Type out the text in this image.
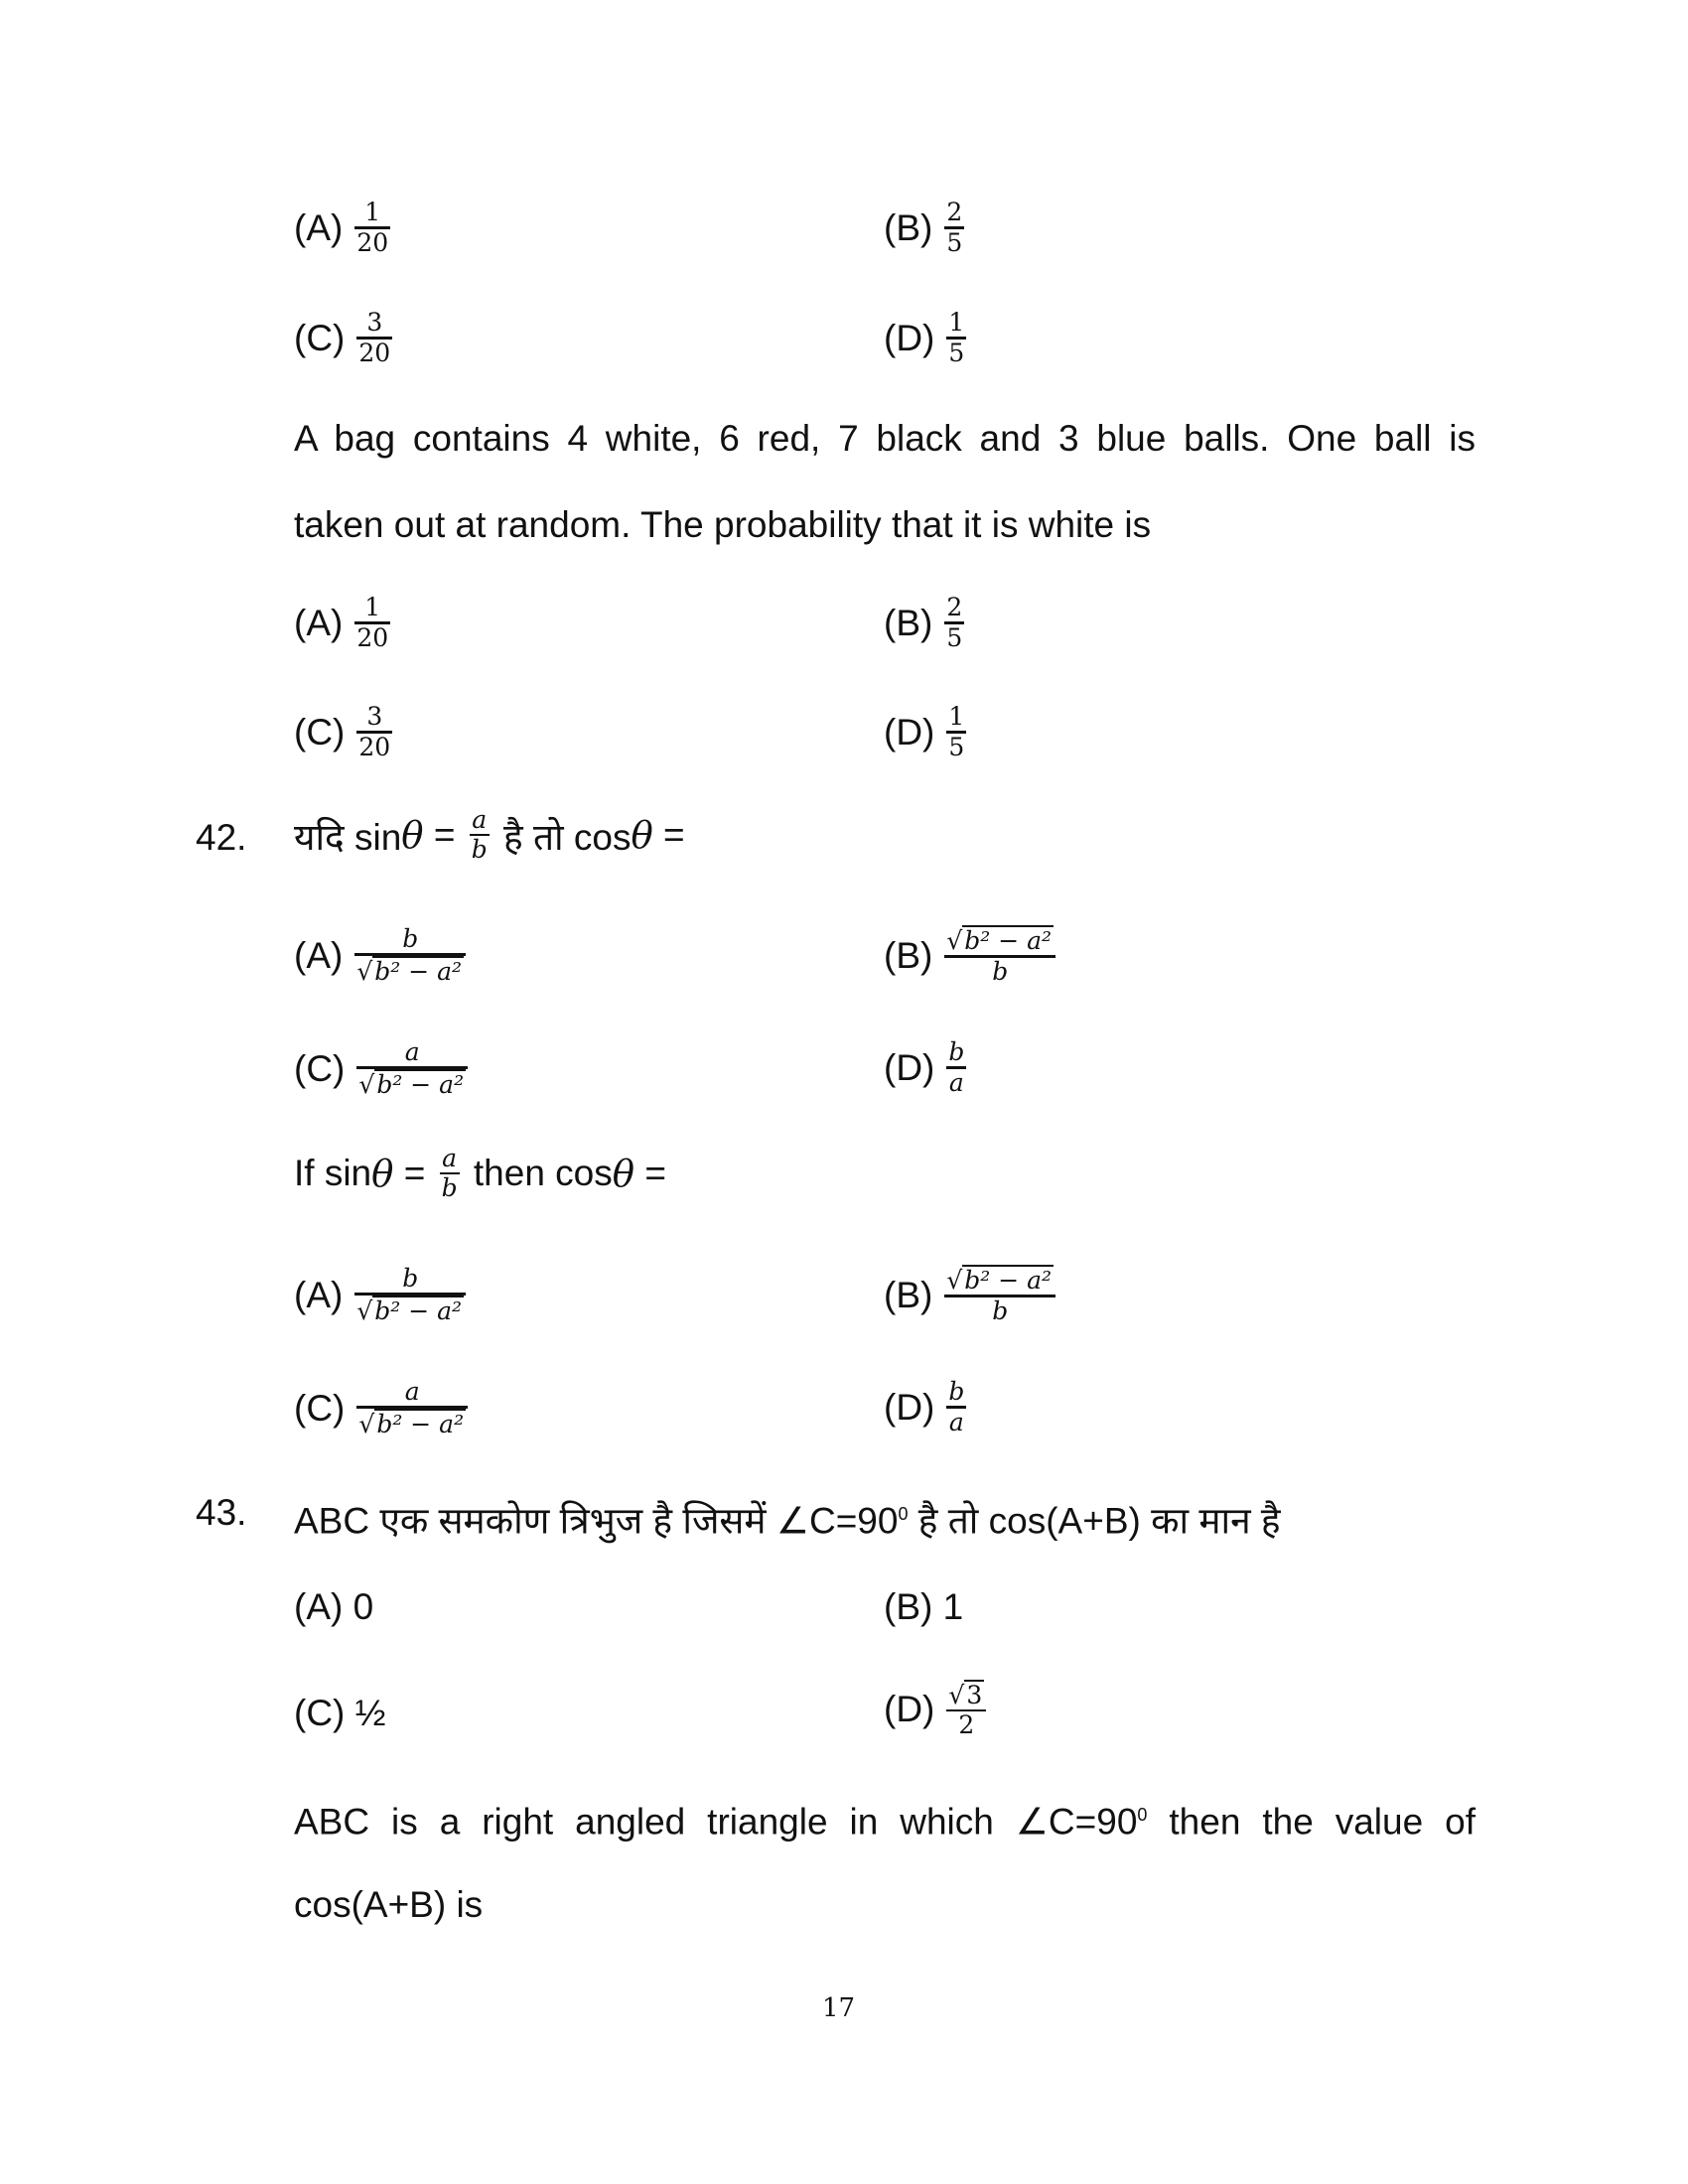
$(A) \frac{1}{20}$	$(B) \frac{2}{5}$
$(C) \frac{3}{20}$	$(D) \frac{1}{5}$
A bag contains 4 white, 6 red, 7 black and 3 blue balls. One ball is
taken out at random. The probability that it is white is
$(A) \frac{1}{20}$	$(B) \frac{2}{5}$
$(C) \frac{3}{20}$	$(D) \frac{1}{5}$
42. यदि $\sin \theta = \frac{a}{b}$ है तो cos θ =
$(A) \frac{b}{\text{√ b² − a²}}$	$(B) \frac{\text{√ b² − a²}}{b}$
$(C) \frac{a}{\text{√ b² − a²}}$	$(D) \frac{b}{a}$
If $\sin \theta = \frac{a}{b}$ then cos θ =
$(A) \frac{b}{\text{√ b² − a²}}$	$(B) \frac{\text{√ b² − a²}}{b}$
$(C) \frac{a}{\text{√ b² − a²}}$	$(D) \frac{b}{a}$
43. ABC एक समकोण त्रिभुज है जिसमें $\angle C=90^0$ है तो cos(A+B) का मान है
(A) 0	(B) 1
(C) ½	$(D) \frac{√ 3}{2}$
ABC is a right angled triangle in which $\angle C=90^0$ then the value of
cos(A+B) is
17
